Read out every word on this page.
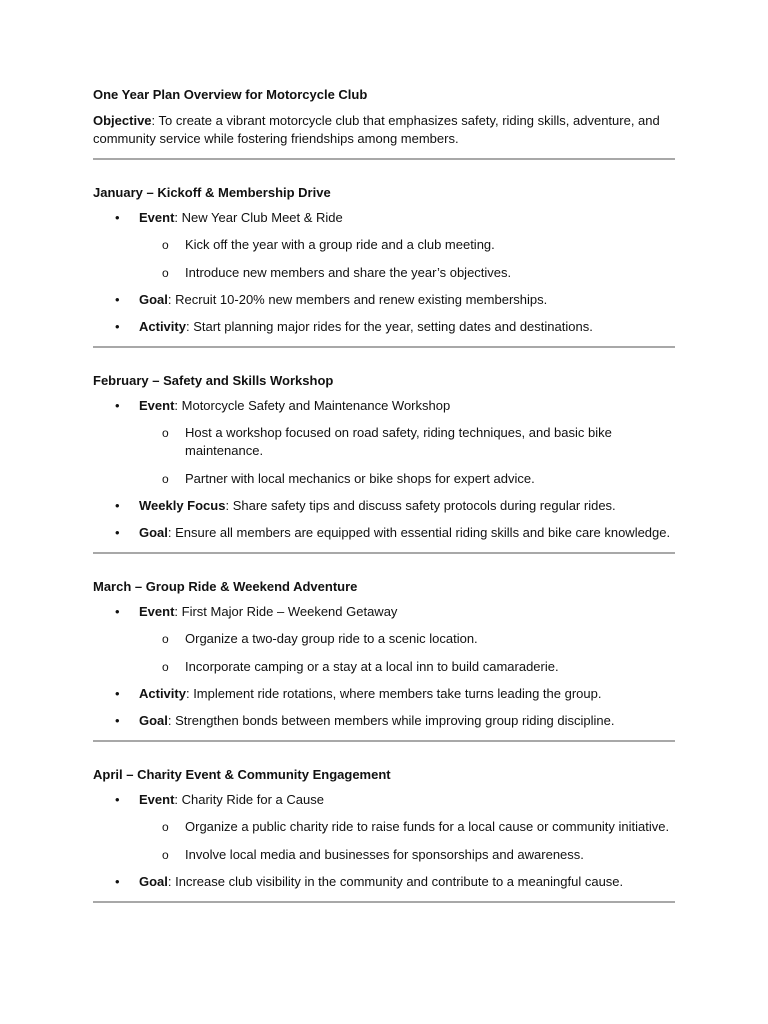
One Year Plan Overview for Motorcycle Club

Objective: To create a vibrant motorcycle club that emphasizes safety, riding skills, adventure, and community service while fostering friendships among members.

January – Kickoff & Membership Drive
• Event: New Year Club Meet & Ride
o Kick off the year with a group ride and a club meeting.
o Introduce new members and share the year’s objectives.
• Goal: Recruit 10-20% new members and renew existing memberships.
• Activity: Start planning major rides for the year, setting dates and destinations.
February – Safety and Skills Workshop
• Event: Motorcycle Safety and Maintenance Workshop
o Host a workshop focused on road safety, riding techniques, and basic bike maintenance.
o Partner with local mechanics or bike shops for expert advice.
• Weekly Focus: Share safety tips and discuss safety protocols during regular rides.
• Goal: Ensure all members are equipped with essential riding skills and bike care knowledge.
March – Group Ride & Weekend Adventure
• Event: First Major Ride – Weekend Getaway
o Organize a two-day group ride to a scenic location.
o Incorporate camping or a stay at a local inn to build camaraderie.
• Activity: Implement ride rotations, where members take turns leading the group.
• Goal: Strengthen bonds between members while improving group riding discipline.
April – Charity Event & Community Engagement
• Event: Charity Ride for a Cause
o Organize a public charity ride to raise funds for a local cause or community initiative.
o Involve local media and businesses for sponsorships and awareness.
• Goal: Increase club visibility in the community and contribute to a meaningful cause.
